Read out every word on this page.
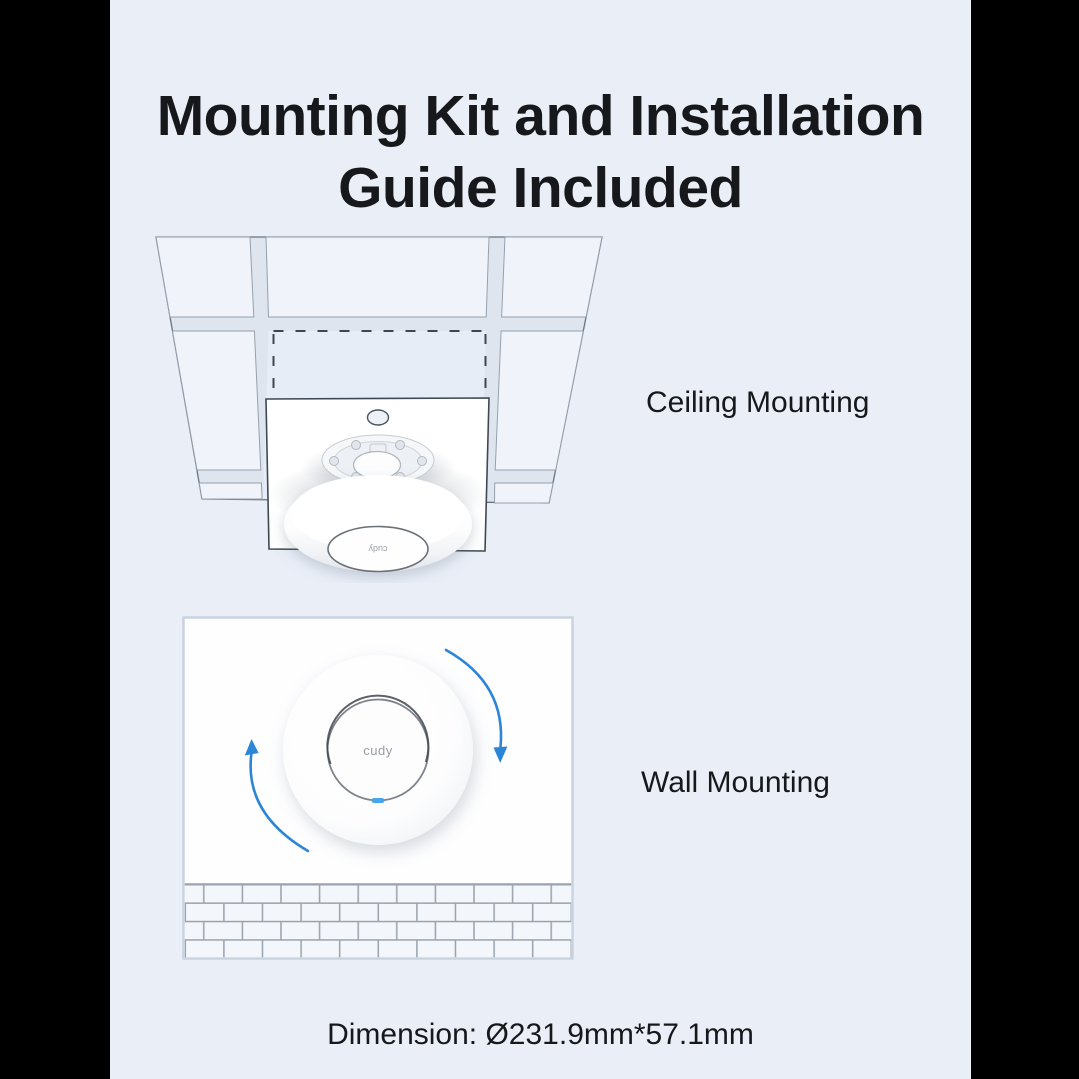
Mounting Kit and Installation
Guide Included
cudy
Ceiling Mounting
cudy
Wall Mounting
Dimension: Ø231.9mm*57.1mm
